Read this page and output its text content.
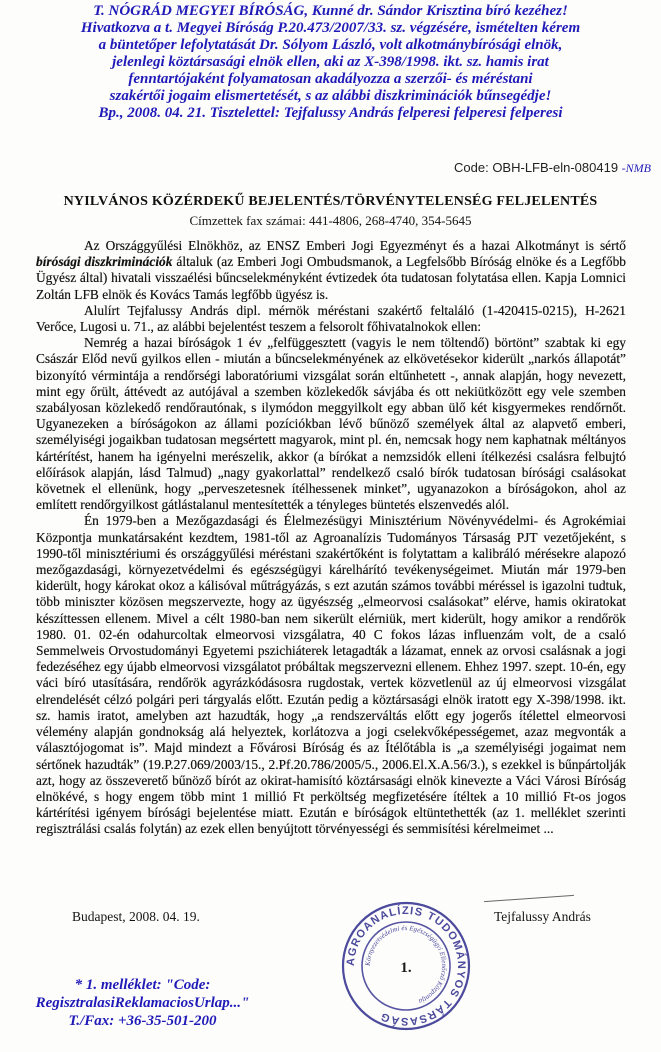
T. NÓGRÁD MEGYEI BÍRÓSÁG, Kunné dr. Sándor Krisztina bíró kezéhez!
Hivatkozva a t. Megyei Bíróság P.20.473/2007/33. sz. végzésére, ismételten kérem
a büntetőper lefolytatását Dr. Sólyom László, volt alkotmánybírósági elnök,
jelenlegi köztársasági elnök ellen, aki az X-398/1998. ikt. sz. hamis irat
fenntartójaként folyamatosan akadályozza a szerzői- és méréstani
szakértői jogaim elismertetését, s az alábbi diszkriminációk bűnsegédje!
Bp., 2008. 04. 21. Tisztelettel: Tejfalussy András felperesi felperesi felperesi
Code: OBH-LFB-eln-080419 -NMB
NYILVÁNOS KÖZÉRDEKŰ BEJELENTÉS/TÖRVÉNYTELENSÉG FELJELENTÉS
Címzettek fax számai: 441-4806, 268-4740, 354-5645

Az Országgyűlési Elnökhöz, az ENSZ Emberi Jogi Egyezményt és a hazai Alkotmányt is sértő bírósági diszkriminációk általuk (az Emberi Jogi Ombudsmanok, a Legfelsőbb Bíróság elnöke és a Legfőbb Ügyész által) hivatali visszaélési bűncselekményként évtizedek óta tudatosan folytatása ellen. Kapja Lomnici Zoltán LFB elnök és Kovács Tamás legfőbb ügyész is.

Alulírt Tejfalussy András dipl. mérnök méréstani szakértő feltaláló (1-420415-0215), H-2621 Verőce, Lugosi u. 71., az alábbi bejelentést teszem a felsorolt főhivatalnokok ellen:

Nemrég a hazai bíróságok 1 év „felfüggesztett (vagyis le nem töltendő) börtönt” szabtak ki egy Császár Előd nevű gyilkos ellen - miután a bűncselekményének az elkövetésekor kiderült „narkós állapotát” bizonyító vérmintája a rendőrségi laboratóriumi vizsgálat során eltűnhetett -, annak alapján, hogy nevezett, mint egy őrült, áttévedt az autójával a szemben közlekedők sávjába és ott nekiütközött egy vele szemben szabályosan közlekedő rendőrautónak, s ilymódon meggyilkolt egy abban ülő két kisgyermekes rendőrnőt. Ugyanezeken a bíróságokon az állami pozíciókban lévő bűnöző személyek által az alapvető emberi, személyiségi jogaikban tudatosan megsértett magyarok, mint pl. én, nemcsak hogy nem kaphatnak méltányos kártérítést, hanem ha igényelni merészelik, akkor (a bírókat a nemzsidók elleni ítélkezési csalásra felbujtó előírások alapján, lásd Talmud) „nagy gyakorlattal” rendelkező csaló bírók tudatosan bírósági csalásokat követnek el ellenünk, hogy „perveszetesnek ítélhessenek minket”, ugyanazokon a bíróságokon, ahol az említett rendőrgyilkost gátlástalanul mentesítették a tényleges büntetés elszenvedés alól.

Én 1979-ben a Mezőgazdasági és Élelmezésügyi Minisztérium Növényvédelmi- és Agrokémiai Központja munkatársaként kezdtem, 1981-től az Agroanalízis Tudományos Társaság PJT vezetőjeként, s 1990-től minisztériumi és országgyűlési méréstani szakértőként is folytattam a kalibráló mérésekre alapozó mezőgazdasági, környezetvédelmi és egészségügyi kárelhárító tevékenységeimet. Miután már 1979-ben kiderült, hogy károkat okoz a kálisóval műtrágyázás, s ezt azután számos további méréssel is igazolni tudtuk, több miniszter közösen megszervezte, hogy az ügyészség „elmeorvosi csalásokat” elérve, hamis okiratokat készíttessen ellenem. Mivel a célt 1980-ban nem sikerült elérniük, mert kiderült, hogy amikor a rendőrök 1980. 01. 02-én odahurcoltak elmeorvosi vizsgálatra, 40 C fokos lázas influenzám volt, de a csaló Semmelweis Orvostudományi Egyetemi pszichiáterek letagadták a lázamat, ennek az orvosi csalásnak a jogi fedezéséhez egy újabb elmeorvosi vizsgálatot próbáltak megszervezni ellenem. Ehhez 1997. szept. 10-én, egy váci bíró utasítására, rendőrök agyrázkódásosra rugdostak, vertek közvetlenül az új elmeorvosi vizsgálat elrendelését célzó polgári peri tárgyalás előtt. Ezután pedig a köztársasági elnök iratott egy X-398/1998. ikt. sz. hamis iratot, amelyben azt hazudták, hogy „a rendszerváltás előtt egy jogerős ítélettel elmeorvosi vélemény alapján gondnokság alá helyeztek, korlátozva a jogi cselekvőképességemet, azaz megvonták a választójogomat is”. Majd mindezt a Fővárosi Bíróság és az Ítélőtábla is „a személyiségi jogaimat nem sértőnek hazudták” (19.P.27.069/2003/15., 2.Pf.20.786/2005/5., 2006.El.X.A.56/3.), s ezekkel is bűnpártolják azt, hogy az összeverető bűnöző bírót az okirat-hamisító köztársasági elnök kinevezte a Váci Városi Bíróság elnökévé, s hogy engem több mint 1 millió Ft perköltség megfizetésére ítéltek a 10 millió Ft-os jogos kártérítési igényem bírósági bejelentése miatt. Ezután e bíróságok eltüntethették (az 1. melléklet szerinti regisztrálási csalás folytán) az ezek ellen benyújtott törvényességi és semmisítési kérelmeimet ...

Budapest, 2008. 04. 19.	Tejfalussy András
AGROANALÍZIS TUDOMÁNYOS TÁRSASÁG
Környezetvédelmi és Egészségügyi Ellenőrző Központja
1.
* 1. melléklet: "Code:
RegisztralasiReklamaciosUrlap..."
T./Fax: +36-35-501-200
